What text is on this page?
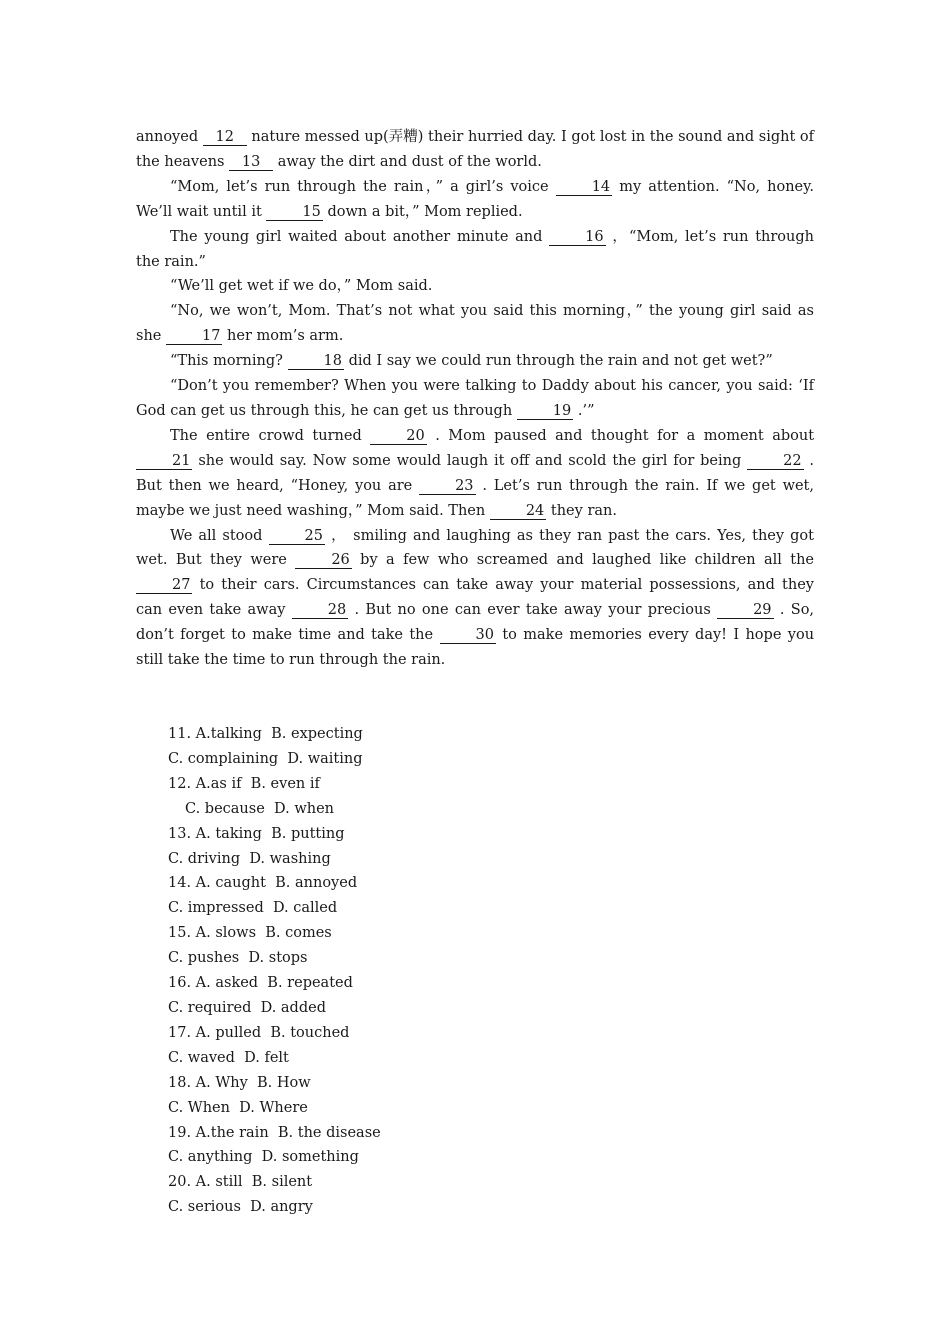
annoyed 12 nature messed up(弄糟) their hurried day. I got lost in the sound and sight of the heavens 13 away the dirt and dust of the world.

“Mom, let’s run through the rain，” a girl’s voice	14 my attention. “No, honey. We’ll wait until it	15 down a bit，” Mom replied.

The young girl waited about another minute and	16 ，“Mom, let’s run through the rain.”

“We’ll get wet if we do，” Mom said.

“No, we won’t, Mom. That’s not what you said this morning，” the young girl said as she	17 her mom’s arm.

“This morning?	18 did I say we could run through the rain and not get wet?”

“Don’t you remember? When you were talking to Daddy about his cancer, you said: ‘If God can get us through this, he can get us through	19 .’”

The entire crowd turned	20 . Mom paused and thought for a moment about 21 she would say. Now some would laugh it off and scold the girl for being	22 . But then we heard, “Honey, you are	23 . Let’s run through the rain. If we get wet, maybe we just need washing，” Mom said. Then	24 they ran.

We all stood	25 ， smiling and laughing as they ran past the cars. Yes, they got wet. But they were	26 by a few who screamed and laughed like children all the 27 to their cars. Circumstances can take away your material possessions, and they can even take away	28 . But no one can ever take away your precious	29 . So, don’t forget to make time and take the	30 to make memories every day! I hope you still take the time to run through the rain.

11. A.talking  B. expecting

C. complaining  D. waiting

12. A.as if  B. even if

C. because  D. when

13. A. taking  B. putting

C. driving  D. washing

14. A. caught  B. annoyed

C. impressed  D. called

15. A. slows  B. comes

C. pushes  D. stops

16. A. asked  B. repeated

C. required  D. added

17. A. pulled  B. touched

C. waved  D. felt

18. A. Why  B. How

C. When  D. Where

19. A.the rain  B. the disease

C. anything  D. something

20. A. still  B. silent

C. serious  D. angry
